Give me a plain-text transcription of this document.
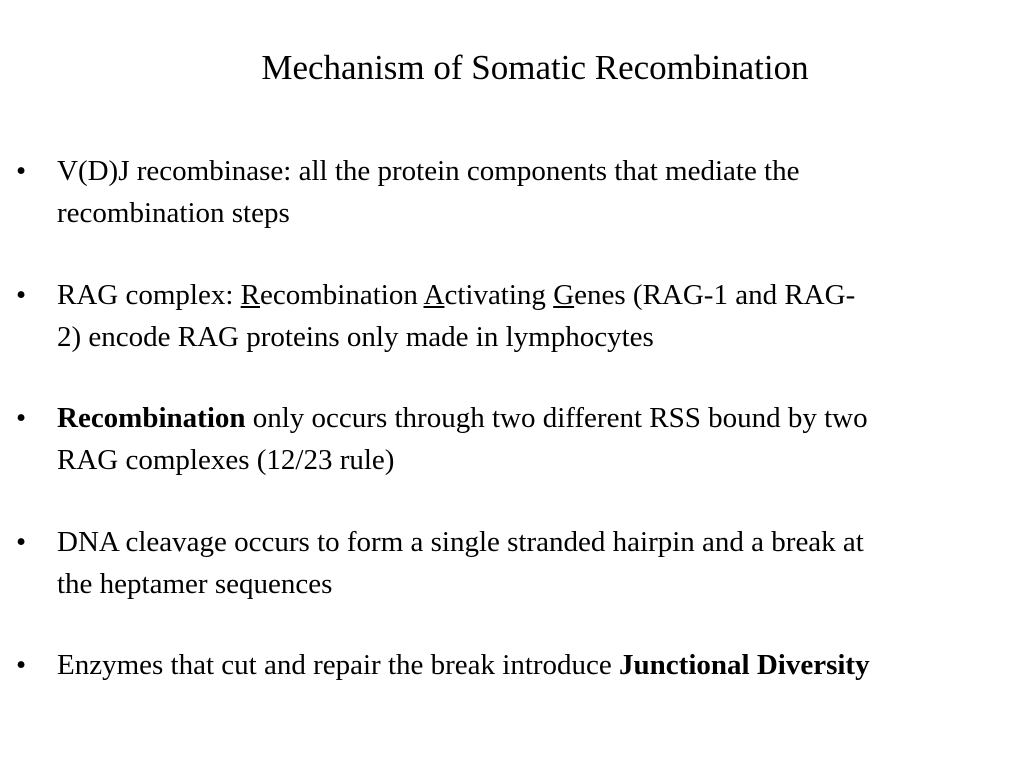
Mechanism of Somatic Recombination
• V(D)J recombinase: all the protein components that mediate the
recombination steps
• RAG complex: Recombination Activating Genes (RAG-1 and RAG-
2) encode RAG proteins only made in lymphocytes
• Recombination only occurs through two different RSS bound by two
RAG complexes (12/23 rule)
• DNA cleavage occurs to form a single stranded hairpin and a break at
the heptamer sequences
• Enzymes that cut and repair the break introduce Junctional Diversity
